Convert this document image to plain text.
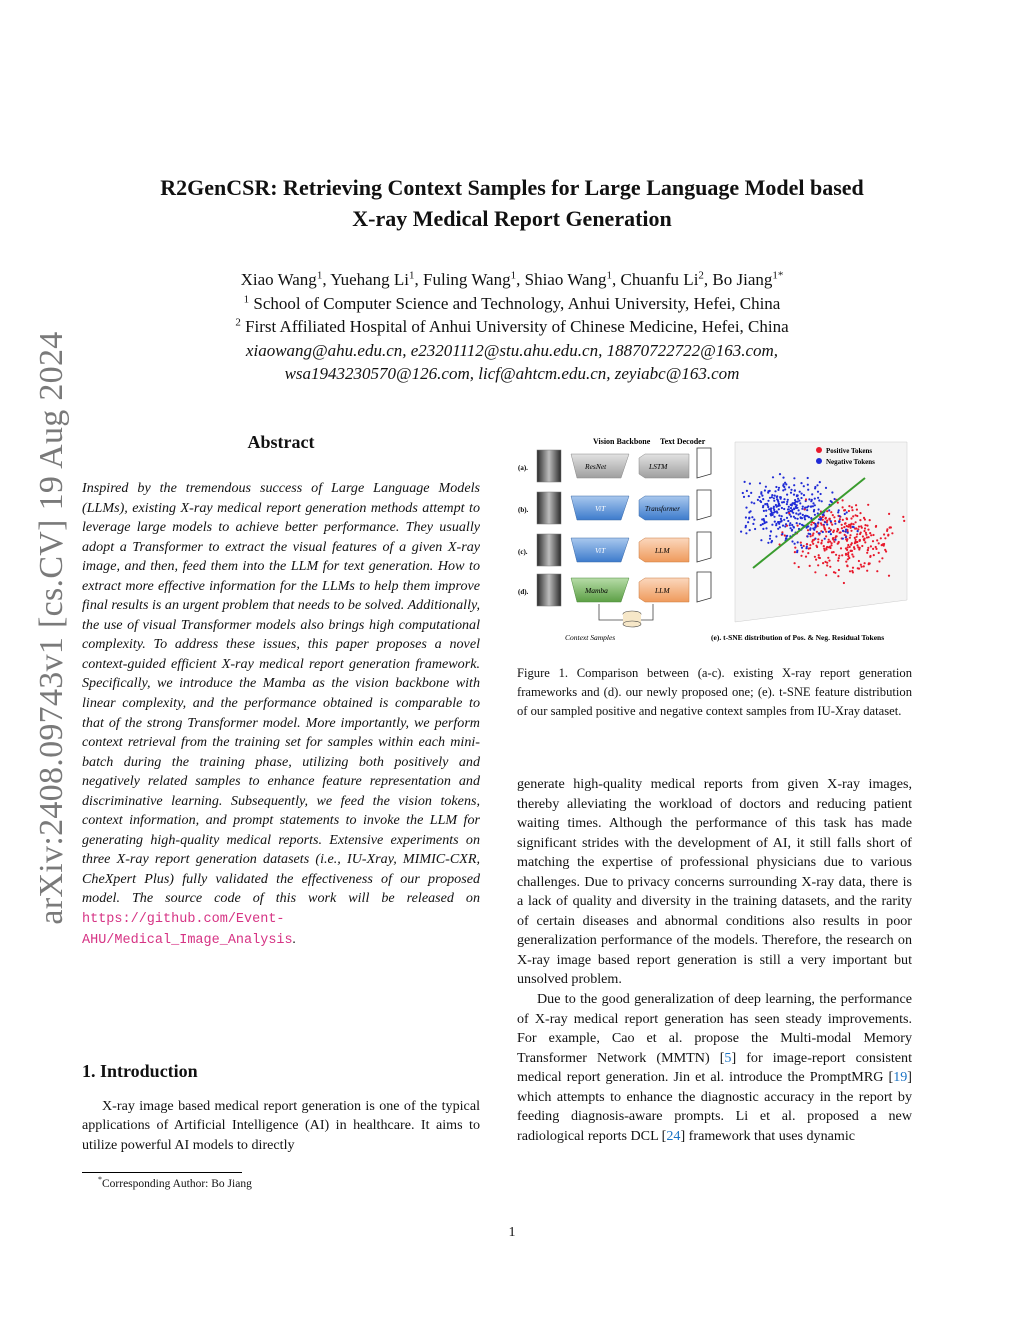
R2GenCSR: Retrieving Context Samples for Large Language Model based
X-ray Medical Report Generation
Xiao Wang$^1$, Yuehang Li$^1$, Fuling Wang$^1$, Shiao Wang$^1$, Chuanfu Li$^2$, Bo Jiang$^{1*}$
$^1$ School of Computer Science and Technology, Anhui University, Hefei, China
$^2$ First Affiliated Hospital of Anhui University of Chinese Medicine, Hefei, China
xiaowang@ahu.edu.cn, e23201112@stu.ahu.edu.cn, 18870722722@163.com,
wsa1943230570@126.com, licf@ahtcm.edu.cn, zeyiabc@163.com
arXiv:2408.09743v1 [cs.CV] 19 Aug 2024	Abstract
Inspired by the tremendous success of Large Language Models (LLMs), existing X-ray medical report generation methods attempt to leverage large models to achieve better performance. They usually adopt a Transformer to extract the visual features of a given X-ray image, and then, feed them into the LLM for text generation. How to extract more effective information for the LLMs to help them improve final results is an urgent problem that needs to be solved. Additionally, the use of visual Transformer models also brings high computational complexity. To address these issues, this paper proposes a novel context-guided efficient X-ray medical report generation framework. Specifically, we introduce the Mamba as the vision backbone with linear complexity, and the performance obtained is comparable to that of the strong Transformer model. More importantly, we perform context retrieval from the training set for samples within each mini-batch during the training phase, utilizing both positively and negatively related samples to enhance feature representation and discriminative learning. Subsequently, we feed the vision tokens, context information, and prompt statements to invoke the LLM for generating high-quality medical reports. Extensive experiments on three X-ray report generation datasets (i.e., IU-Xray, MIMIC-CXR, CheXpert Plus) fully validated the effectiveness of our proposed model. The source code of this work will be released on https://github.com/Event-AHU/Medical_Image_Analysis.
1. Introduction
X-ray image based medical report generation is one of the typical applications of Artificial Intelligence (AI) in healthcare. It aims to utilize powerful AI models to directly
*Corresponding Author: Bo Jiang
Vision Backbone Text Decoder
(a).	ResNet	LSTM
(b).	ViT	Transformer
(c).	ViT	LLM
(d).	Mamba	LLM
Context Samples
Positive Tokens
Negative Tokens
(e). t-SNE distribution of Pos. & Neg. Residual Tokens
Figure 1. Comparison between (a-c). existing X-ray report generation frameworks and (d). our newly proposed one; (e). t-SNE feature distribution of our sampled positive and negative context samples from IU-Xray dataset.

generate high-quality medical reports from given X-ray images, thereby alleviating the workload of doctors and reducing patient waiting times. Although the performance of this task has made significant strides with the development of AI, it still falls short of matching the expertise of professional physicians due to various challenges. Due to privacy concerns surrounding X-ray data, there is a lack of quality and diversity in the training datasets, and the rarity of certain diseases and abnormal conditions also results in poor generalization performance of the models. Therefore, the research on X-ray image based report generation is still a very important but unsolved problem.

Due to the good generalization of deep learning, the performance of X-ray medical report generation has seen steady improvements. For example, Cao et al. propose the Multi-modal Memory Transformer Network (MMTN) [5] for image-report consistent medical report generation. Jin et al. introduce the PromptMRG [19] which attempts to enhance the diagnostic accuracy in the report by feeding diagnosis-aware prompts. Li et al. proposed a new radiological reports DCL [24] framework that uses dynamic

1
